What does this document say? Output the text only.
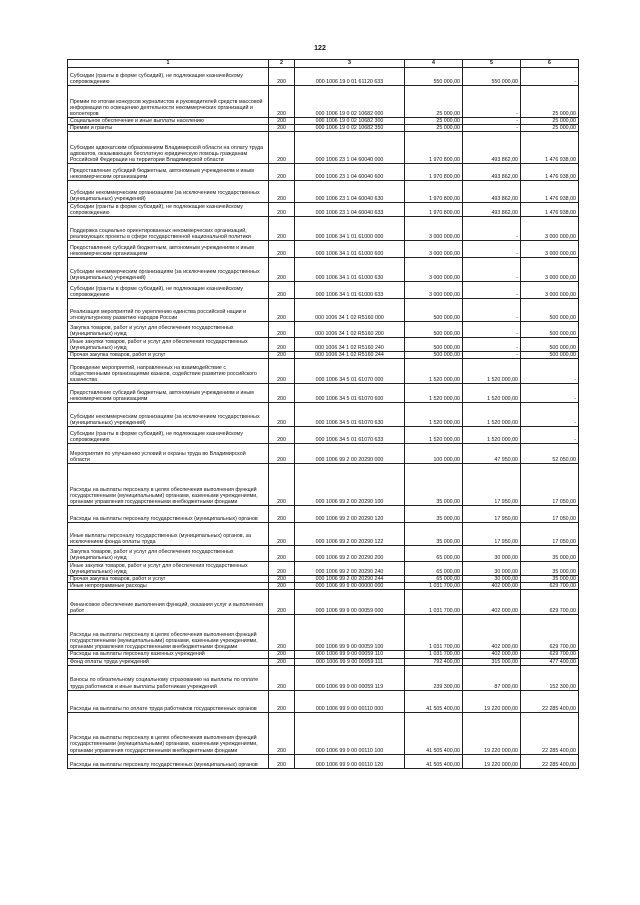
122
1	2	3	4	5	6
Субсидии (гранты в форме субсидий), не подлежащие казначейскому сопровождению	200	000 1006 19 0 01 61120 633	550 000,00	550 000,00	-
Премии по итогам конкурсов журналистов и руководителей средств массовой информации по освещению деятельности некоммерческих организаций и волонтеров	200	000 1006 19 0 02 10682 000	25 000,00	-	25 000,00
Социальное обеспечение и иные выплаты населению	200	000 1006 19 0 02 10682 300	25 000,00	-	25 000,00
Премии и гранты	200	000 1006 19 0 02 10682 350	25 000,00	-	25 000,00
Субсидии адвокатским образованиям Владимирской области на оплату труда адвокатов, оказывающих бесплатную юридическую помощь гражданам Российской Федерации на территории Владимирской области	200	000 1006 23 1 04 60040 000	1 970 800,00	493 862,00	1 476 938,00
Предоставление субсидий бюджетным, автономным учреждениям и иным некоммерческим организациям	200	000 1006 23 1 04 60040 600	1 970 800,00	493 862,00	1 476 938,00
Субсидии некоммерческим организациям (за исключением государственных (муниципальных) учреждений)	200	000 1006 23 1 04 60040 630	1 970 800,00	493 862,00	1 476 938,00
Субсидии (гранты в форме субсидий), не подлежащие казначейскому сопровождению	200	000 1006 23 1 04 60040 633	1 970 800,00	493 862,00	1 476 938,00
Поддержка социально ориентированных некоммерческих организаций, реализующих проекты в сфере государственной национальной политики	200	000 1006 34 1 01 61000 000	3 000 000,00	-	3 000 000,00
Предоставление субсидий бюджетным, автономным учреждениям и иным некоммерческим организациям	200	000 1006 34 1 01 61000 600	3 000 000,00	-	3 000 000,00
Субсидии некоммерческим организациям (за исключением государственных (муниципальных) учреждений)	200	000 1006 34 1 01 61000 630	3 000 000,00	-	3 000 000,00
Субсидии (гранты в форме субсидий), не подлежащие казначейскому сопровождению	200	000 1006 34 1 01 61000 633	3 000 000,00	-	3 000 000,00
Реализация мероприятий по укреплению единства российской нации и этнокультурному развитию народов России	200	000 1006 34 1 02 R5160 000	500 000,00	-	500 000,00
Закупка товаров, работ и услуг для обеспечения государственных (муниципальных) нужд	200	000 1006 34 1 02 R5160 200	500 000,00	-	500 000,00
Иные закупки товаров, работ и услуг для обеспечения государственных (муниципальных) нужд	200	000 1006 34 1 02 R5160 240	500 000,00	-	500 000,00
Прочая закупка товаров, работ и услуг	200	000 1006 34 1 02 R5160 244	500 000,00	-	500 000,00
Проведение мероприятий, направленных на взаимодействие с общественными организациями казаков, содействие развитию российского казачества	200	000 1006 34 5 01 61070 000	1 520 000,00	1 520 000,00	-
Предоставление субсидий бюджетным, автономным учреждениям и иным некоммерческим организациям	200	000 1006 34 5 01 61070 600	1 520 000,00	1 520 000,00	-
Субсидии некоммерческим организациям (за исключением государственных (муниципальных) учреждений)	200	000 1006 34 5 01 61070 630	1 520 000,00	1 520 000,00	-
Субсидии (гранты в форме субсидий), не подлежащие казначейскому сопровождению	200	000 1006 34 5 01 61070 633	1 520 000,00	1 520 000,00	-
Мероприятия по улучшению условий и охраны труда во Владимирской области	200	000 1006 99 2 00 20290 000	100 000,00	47 950,00	52 050,00
Расходы на выплаты персоналу в целях обеспечения выполнения функций государственными (муниципальными) органами, казенными учреждениями, органами управления государственными внебюджетными фондами	200	000 1006 99 2 00 20290 100	35 000,00	17 950,00	17 050,00
Расходы на выплаты персоналу государственных (муниципальных) органов	200	000 1006 99 2 00 20290 120	35 000,00	17 950,00	17 050,00
Иные выплаты персоналу государственных (муниципальных) органов, за исключением фонда оплаты труда	200	000 1006 99 2 00 20290 122	35 000,00	17 950,00	17 050,00
Закупка товаров, работ и услуг для обеспечения государственных (муниципальных) нужд	200	000 1006 99 2 00 20290 200	65 000,00	30 000,00	35 000,00
Иные закупки товаров, работ и услуг для обеспечения государственных (муниципальных) нужд	200	000 1006 99 2 00 20290 240	65 000,00	30 000,00	35 000,00
Прочая закупка товаров, работ и услуг	200	000 1006 99 2 00 20290 244	65 000,00	30 000,00	35 000,00
Иные непрограммные расходы	200	000 1006 99 9 00 00000 000	1 031 700,00	402 000,00	629 700,00
Финансовое обеспечение выполнения функций, оказания услуг и выполнения работ	200	000 1006 99 9 00 00059 000	1 031 700,00	402 000,00	629 700,00
Расходы на выплаты персоналу в целях обеспечения выполнения функций государственными (муниципальными) органами, казенными учреждениями, органами управления государственными внебюджетными фондами	200	000 1006 99 9 00 00059 100	1 031 700,00	402 000,00	629 700,00
Расходы на выплаты персоналу казенных учреждений	200	000 1006 99 9 00 00059 110	1 031 700,00	402 000,00	629 700,00
Фонд оплаты труда учреждений	200	000 1006 99 9 00 00059 111	792 400,00	315 000,00	477 400,00
Взносы по обязательному социальному страхованию на выплаты по оплате труда работников и иные выплаты работникам учреждений	200	000 1006 99 9 00 00059 119	239 300,00	87 000,00	152 300,00
Расходы на выплаты по оплате труда работников государственных органов	200	000 1006 99 9 00 00110 000	41 505 400,00	19 220 000,00	22 285 400,00
Расходы на выплаты персоналу в целях обеспечения выполнения функций государственными (муниципальными) органами, казенными учреждениями, органами управления государственными внебюджетными фондами	200	000 1006 99 9 00 00110 100	41 505 400,00	19 220 000,00	22 285 400,00
Расходы на выплаты персоналу государственных (муниципальных) органов	200	000 1006 99 9 00 00110 120	41 505 400,00	19 220 000,00	22 285 400,00
